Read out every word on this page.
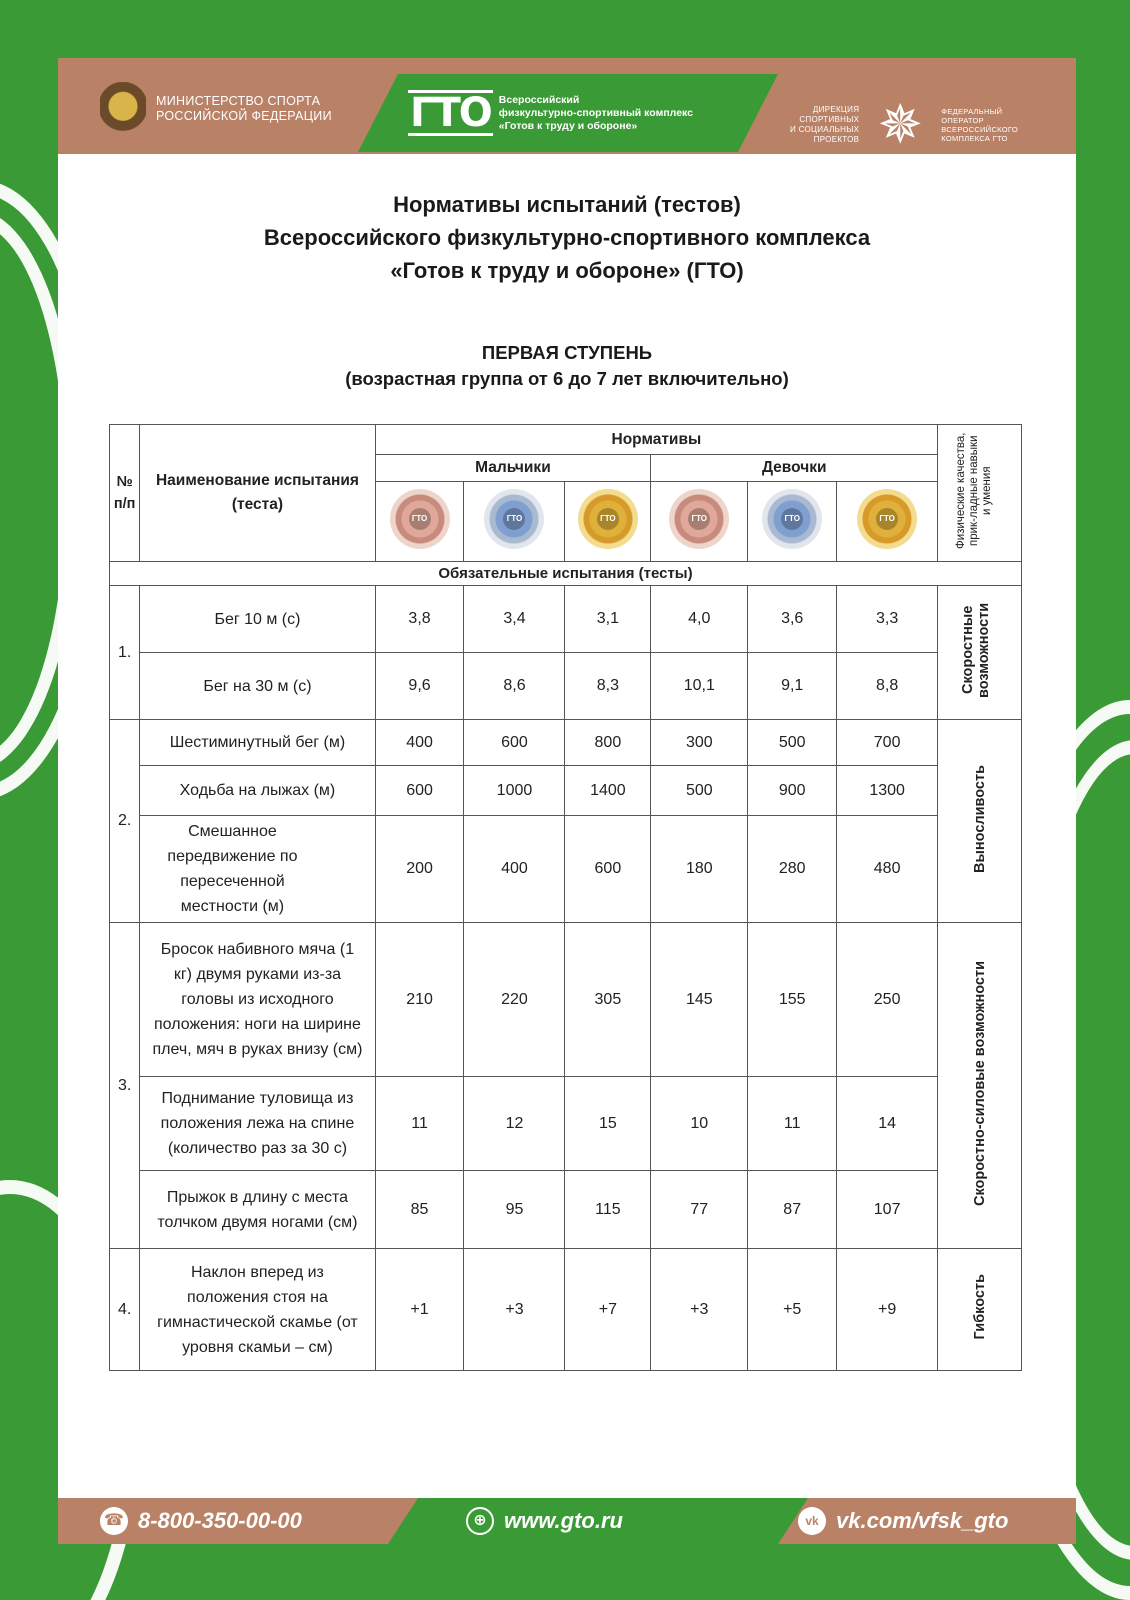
МИНИСТЕРСТВО СПОРТА
РОССИЙСКОЙ ФЕДЕРАЦИИ ГТО Всероссийский
физкультурно-спортивный комплекс
«Готов к труду и обороне»
ДИРЕКЦИЯ
СПОРТИВНЫХ
И СОЦИАЛЬНЫХ
ПРОЕКТОВ ✵	ФЕДЕРАЛЬНЫЙ
ОПЕРАТОР
ВСЕРОССИЙСКОГО
КОМПЛЕКСА ГТО
Нормативы испытаний (тестов)
Всероссийского физкультурно-спортивного комплекса
«Готов к труду и обороне» (ГТО)
ПЕРВАЯ СТУПЕНЬ
(возрастная группа от 6 до 7 лет включительно)
№ п/п	Наименование испытания (теста)	Нормативы						Физические качества, прик-ладные навыки и умения
		Мальчики			Девочки			
ГТО	ГТО	ГТО	ГТО	ГТО	ГТО
Обязательные испытания (тесты)								
1.	Бег 10 м (с)	3,8	3,4	3,1	4,0	3,6	3,3	Скоростные возможности
	Бег на 30 м (с)	9,6	8,6	8,3	10,1	9,1	8,8	
2.	Шестиминутный бег (м)	400	600	800	300	500	700	Выносливость
	Ходьба на лыжах (м)	600	1000	1400	500	900	1300	
	Смешанное передвижение по пересеченной местности (м)	200	400	600	180	280	480	
3.	Бросок набивного мяча (1 кг) двумя руками из-за головы из исходного положения: ноги на ширине плеч, мяч в руках внизу (см)	210	220	305	145	155	250	Скоростно-силовые возможности
	Поднимание туловища из положения лежа на спине (количество раз за 30 с)	11	12	15	10	11	14	
	Прыжок в длину с места толчком двумя ногами (см)	85	95	115	77	87	107	
4.	Наклон вперед из положения стоя на гимнастической скамье (от уровня скамьи – см)	+1	+3	+7	+3	+5	+9	Гибкость
☎ 8-800-350-00-00	⊕ www.gto.ru	vk vk.com/vfsk_gto
